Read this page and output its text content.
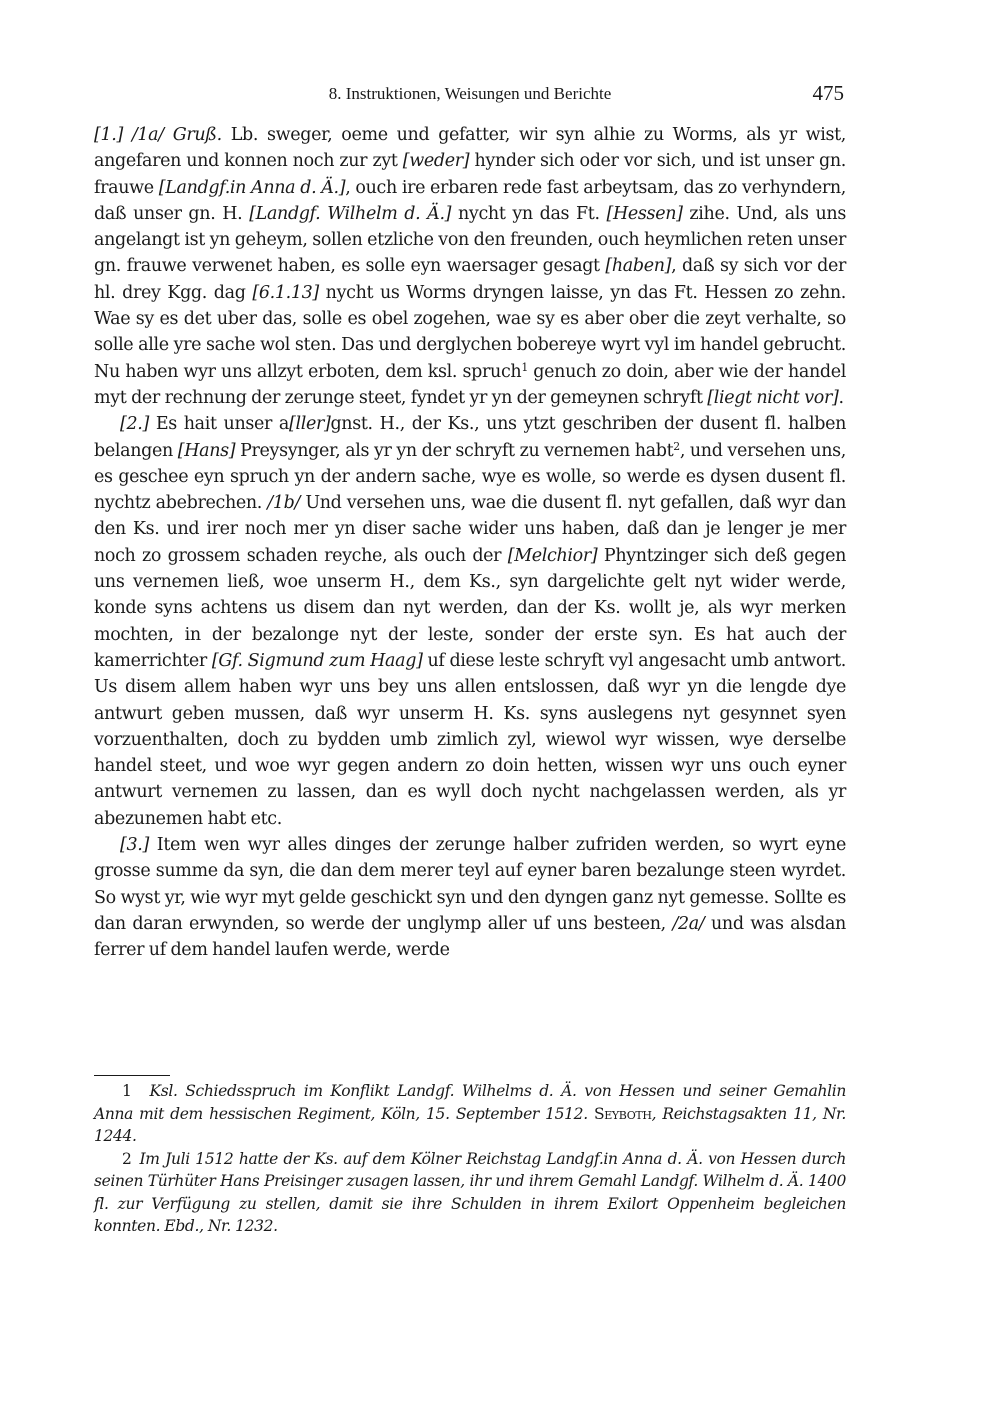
8. Instruktionen, Weisungen und Berichte	475

[1.] /1a/ Gruß. Lb. sweger, oeme und gefatter, wir syn alhie zu Worms, als yr wist, angefaren und konnen noch zur zyt [weder] hynder sich oder vor sich, und ist unser gn. frauwe [Landgf.in Anna d. Ä.], ouch ire erbaren rede fast arbeytsam, das zo verhyndern, daß unser gn. H. [Landgf. Wilhelm d. Ä.] nycht yn das Ft. [Hessen] zihe. Und, als uns angelangt ist yn geheym, sollen etzliche von den freunden, ouch heymlichen reten unser gn. frauwe verwenet haben, es solle eyn waersager gesagt [haben], daß sy sich vor der hl. drey Kgg. dag [6.1.13] nycht us Worms dryngen laisse, yn das Ft. Hessen zo zehn. Wae sy es det uber das, solle es obel zogehen, wae sy es aber ober die zeyt verhalte, so solle alle yre sache wol sten. Das und derglychen bobereye wyrt vyl im handel gebrucht. Nu haben wyr uns allzyt erboten, dem ksl. spruch$^1$ genuch zo doin, aber wie der handel myt der rechnung der zerunge steet, fyndet yr yn der gemeynen schryft [liegt nicht vor].

[2.] Es hait unser a[ller]gnst. H., der Ks., uns ytzt geschriben der dusent fl. halben belangen [Hans] Preysynger, als yr yn der schryft zu vernemen habt$^2$, und versehen uns, es geschee eyn spruch yn der andern sache, wye es wolle, so werde es dysen dusent fl. nychtz abebrechen. /1b/ Und versehen uns, wae die dusent fl. nyt gefallen, daß wyr dan den Ks. und irer noch mer yn diser sache wider uns haben, daß dan je lenger je mer noch zo grossem schaden reyche, als ouch der [Melchior] Phyntzinger sich deß gegen uns vernemen ließ, woe unserm H., dem Ks., syn dargelichte gelt nyt wider werde, konde syns achtens us disem dan nyt werden, dan der Ks. wollt je, als wyr merken mochten, in der bezalonge nyt der leste, sonder der erste syn. Es hat auch der kamerrichter [Gf. Sigmund zum Haag] uf diese leste schryft vyl angesacht umb antwort. Us disem allem haben wyr uns bey uns allen entslossen, daß wyr yn die lengde dye antwurt geben mussen, daß wyr unserm H. Ks. syns auslegens nyt gesynnet syen vorzuenthalten, doch zu bydden umb zimlich zyl, wiewol wyr wissen, wye derselbe handel steet, und woe wyr gegen andern zo doin hetten, wissen wyr uns ouch eyner antwurt vernemen zu lassen, dan es wyll doch nycht nachgelassen werden, als yr abezunemen habt etc.

[3.] Item wen wyr alles dinges der zerunge halber zufriden werden, so wyrt eyne grosse summe da syn, die dan dem merer teyl auf eyner baren bezalunge steen wyrdet. So wyst yr, wie wyr myt gelde geschickt syn und den dyngen ganz nyt gemesse. Sollte es dan daran erwynden, so werde der unglymp aller uf uns besteen, /2a/ und was alsdan ferrer uf dem handel laufen werde, werde

1 Ksl. Schiedsspruch im Konflikt Landgf. Wilhelms d. Ä. von Hessen und seiner Gemahlin Anna mit dem hessischen Regiment, Köln, 15. September 1512. Seyboth, Reichstagsakten 11, Nr. 1244.

2 Im Juli 1512 hatte der Ks. auf dem Kölner Reichstag Landgf.in Anna d. Ä. von Hessen durch seinen Türhüter Hans Preisinger zusagen lassen, ihr und ihrem Gemahl Landgf. Wilhelm d. Ä. 1400 fl. zur Verfügung zu stellen, damit sie ihre Schulden in ihrem Exilort Oppenheim begleichen konnten. Ebd., Nr. 1232.
